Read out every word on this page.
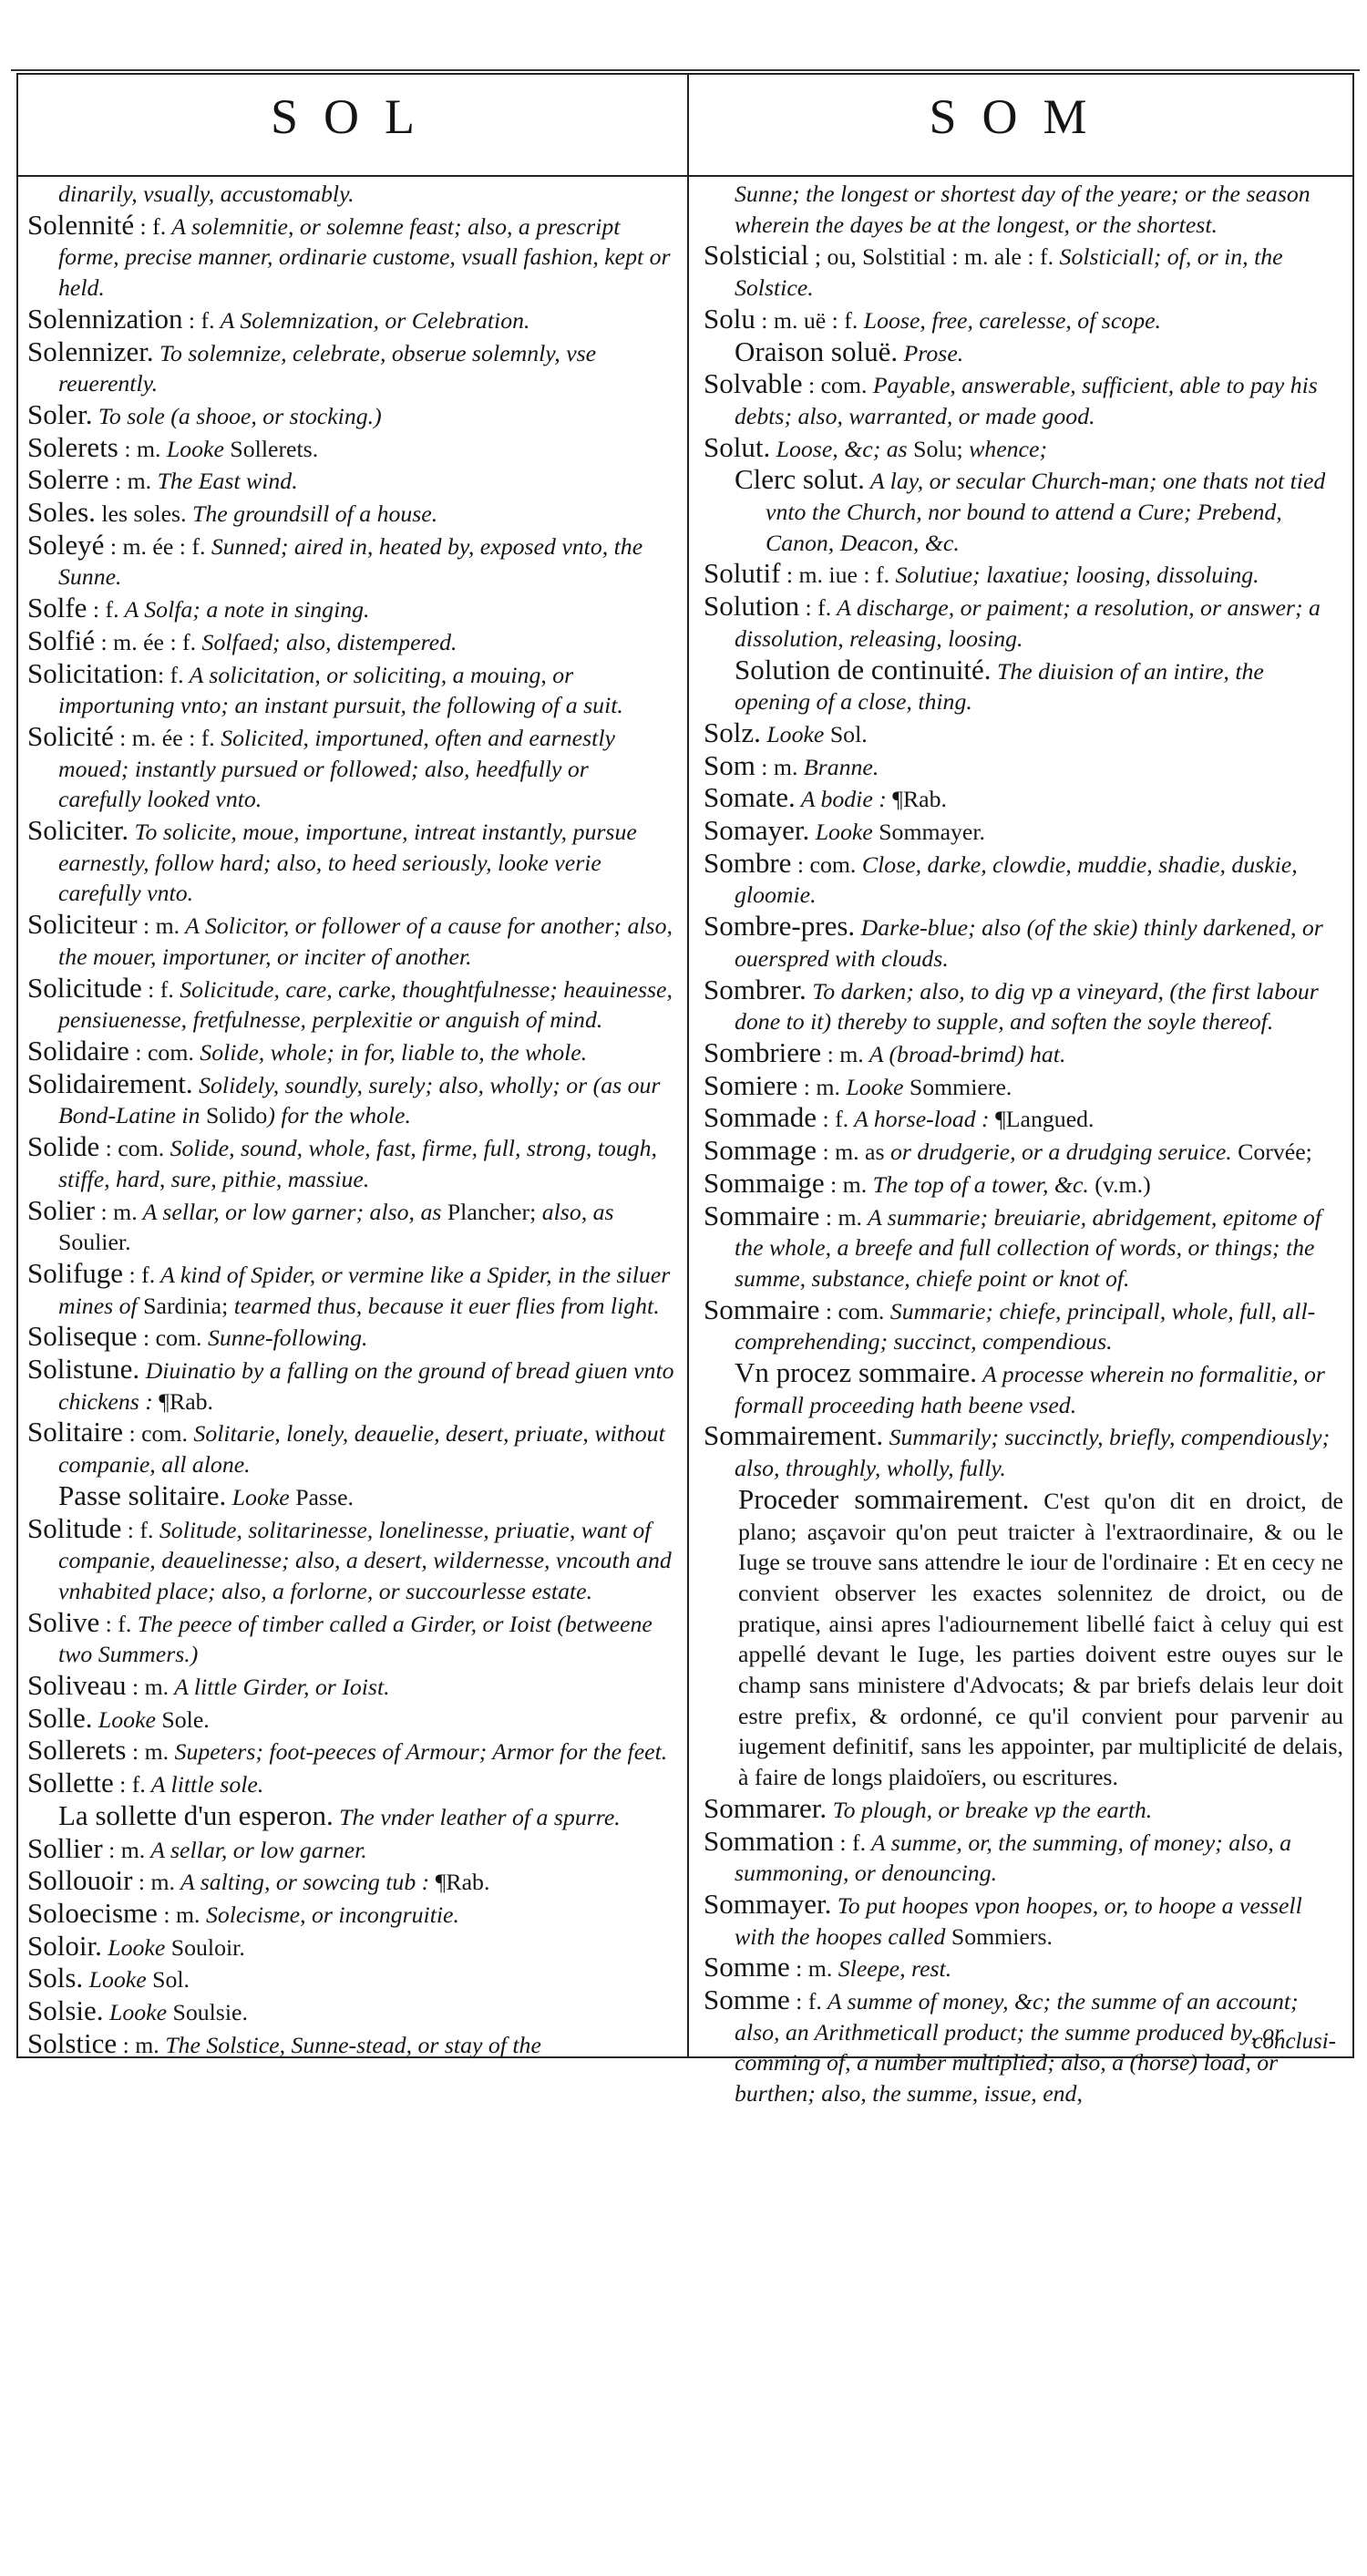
SOL	SOM
dinarily, vsually, accustomably.
Solennité : f. A solemnitie, or solemne feast; also, a prescript forme, precise manner, ordinarie custome, vsuall fashion, kept or held.
Solennization : f. A Solemnization, or Celebration.
Solennizer. To solemnize, celebrate, obserue solemnly, vse reuerently.
Soler. To sole (a shooe, or stocking.)
Solerets : m. Looke Sollerets.
Solerre : m. The East wind.
Soles. les soles. The groundsill of a house.
Soleyé : m. ée : f. Sunned; aired in, heated by, exposed vnto, the Sunne.
Solfe : f. A Solfa; a note in singing.
Solfié : m. ée : f. Solfaed; also, distempered.
Solicitation: f. A solicitation, or soliciting, a mouing, or importuning vnto; an instant pursuit, the following of a suit.
Solicité : m. ée : f. Solicited, importuned, often and earnestly moued; instantly pursued or followed; also, heedfully or carefully looked vnto.
Soliciter. To solicite, moue, importune, intreat instantly, pursue earnestly, follow hard; also, to heed seriously, looke verie carefully vnto.
Soliciteur : m. A Solicitor, or follower of a cause for another; also, the mouer, importuner, or inciter of another.
Solicitude : f. Solicitude, care, carke, thoughtfulnesse; heauinesse, pensiuenesse, fretfulnesse, perplexitie or anguish of mind.
Solidaire : com. Solide, whole; in for, liable to, the whole.
Solidairement. Solidely, soundly, surely; also, wholly; or (as our Bond-Latine in Solido) for the whole.
Solide : com. Solide, sound, whole, fast, firme, full, strong, tough, stiffe, hard, sure, pithie, massiue.
Solier : m. A sellar, or low garner; also, as Plancher; also, as Soulier.
Solifuge : f. A kind of Spider, or vermine like a Spider, in the siluer mines of Sardinia; tearmed thus, because it euer flies from light.
Soliseque : com. Sunne-following.
Solistune. Diuinatio by a falling on the ground of bread giuen vnto chickens : ¶Rab.
Solitaire : com. Solitarie, lonely, deauelie, desert, priuate, without companie, all alone.
Passe solitaire. Looke Passe.
Solitude : f. Solitude, solitarinesse, lonelinesse, priuatie, want of companie, deauelinesse; also, a desert, wildernesse, vncouth and vnhabited place; also, a forlorne, or succourlesse estate.
Solive : f. The peece of timber called a Girder, or Ioist (betweene two Summers.)
Soliveau : m. A little Girder, or Ioist.
Solle. Looke Sole.
Sollerets : m. Supeters; foot-peeces of Armour; Armor for the feet.
Sollette : f. A little sole.
La sollette d'un esperon. The vnder leather of a spurre.
Sollier : m. A sellar, or low garner.
Sollouoir : m. A salting, or sowcing tub : ¶Rab.
Soloecisme : m. Solecisme, or incongruitie.
Soloir. Looke Souloir.
Sols. Looke Sol.
Solsie. Looke Soulsie.
Solstice : m. The Solstice, Sunne-stead, or stay of the
Sunne; the longest or shortest day of the yeare; or the season wherein the dayes be at the longest, or the shortest.
Solsticial ; ou, Solstitial : m. ale : f. Solsticiall; of, or in, the Solstice.
Solu : m. uë : f. Loose, free, carelesse, of scope.
Oraison soluë. Prose.
Solvable : com. Payable, answerable, sufficient, able to pay his debts; also, warranted, or made good.
Solut. Loose, &c; as Solu; whence;
Clerc solut. A lay, or secular Church-man; one thats not tied vnto the Church, nor bound to attend a Cure; Prebend, Canon, Deacon, &c.
Solutif : m. iue : f. Solutiue; laxatiue; loosing, dissoluing.
Solution : f. A discharge, or paiment; a resolution, or answer; a dissolution, releasing, loosing.
Solution de continuité. The diuision of an intire, the opening of a close, thing.
Solz. Looke Sol.
Som : m. Branne.
Somate. A bodie : ¶Rab.
Somayer. Looke Sommayer.
Sombre : com. Close, darke, clowdie, muddie, shadie, duskie, gloomie.
Sombre-pres. Darke-blue; also (of the skie) thinly darkened, or ouerspred with clouds.
Sombrer. To darken; also, to dig vp a vineyard, (the first labour done to it) thereby to supple, and soften the soyle thereof.
Sombriere : m. A (broad-brimd) hat.
Somiere : m. Looke Sommiere.
Sommade : f. A horse-load : ¶Langued.
Sommage : m. as or drudgerie, or a drudging seruice. Corvée;
Sommaige : m. The top of a tower, &c. (v.m.)
Sommaire : m. A summarie; breuiarie, abridgement, epitome of the whole, a breefe and full collection of words, or things; the summe, substance, chiefe point or knot of.
Sommaire : com. Summarie; chiefe, principall, whole, full, all-comprehending; succinct, compendious.
Vn procez sommaire. A processe wherein no formalitie, or formall proceeding hath beene vsed.
Sommairement. Summarily; succinctly, briefly, compendiously; also, throughly, wholly, fully.
Proceder sommairement. C'est qu'on dit en droict, de plano; asçavoir qu'on peut traicter à l'extraordinaire, & ou le Iuge se trouve sans attendre le iour de l'ordinaire : Et en cecy ne convient observer les exactes solennitez de droict, ou de pratique, ainsi apres l'adiournement libellé faict à celuy qui est appellé devant le Iuge, les parties doivent estre ouyes sur le champ sans ministere d'Advocats; & par briefs delais leur doit estre prefix, & ordonné, ce qu'il convient pour parvenir au iugement definitif, sans les appointer, par multiplicité de delais, à faire de longs plaidoïers, ou escritures.
Sommarer. To plough, or breake vp the earth.
Sommation : f. A summe, or, the summing, of money; also, a summoning, or denouncing.
Sommayer. To put hoopes vpon hoopes, or, to hoope a vessell with the hoopes called Sommiers.
Somme : m. Sleepe, rest.
Somme : f. A summe of money, &c; the summe of an account; also, an Arithmeticall product; the summe produced by, or comming of, a number multiplied; also, a (horse) load, or burthen; also, the summe, issue, end,
conclusi-
